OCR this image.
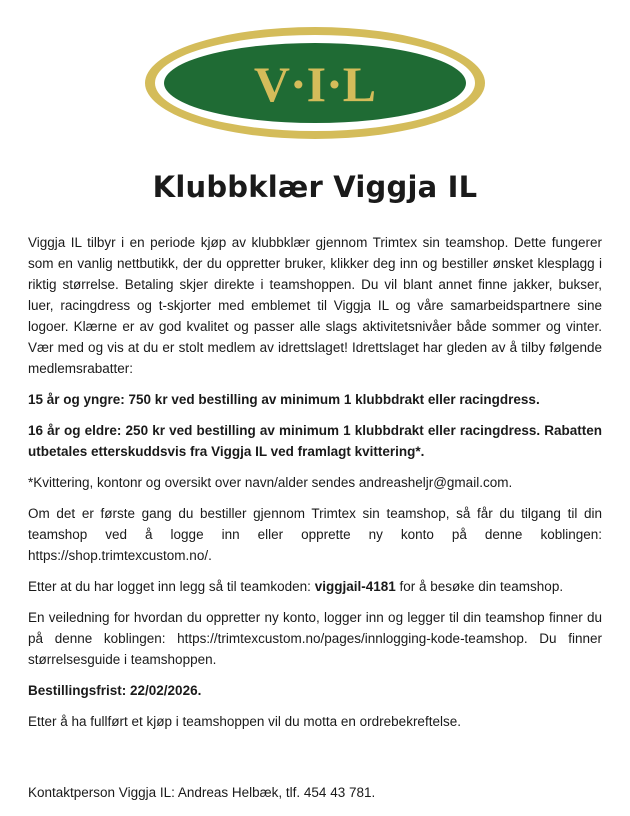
V·I·L
Klubbklær Viggja IL

Viggja IL tilbyr i en periode kjøp av klubbklær gjennom Trimtex sin teamshop. Dette fungerer som en vanlig nettbutikk, der du oppretter bruker, klikker deg inn og bestiller ønsket klesplagg i riktig størrelse. Betaling skjer direkte i teamshoppen. Du vil blant annet finne jakker, bukser, luer, racingdress og t-skjorter med emblemet til Viggja IL og våre samarbeidspartnere sine logoer. Klærne er av god kvalitet og passer alle slags aktivitetsnivåer både sommer og vinter. Vær med og vis at du er stolt medlem av idrettslaget! Idrettslaget har gleden av å tilby følgende medlemsrabatter:

15 år og yngre: 750 kr ved bestilling av minimum 1 klubbdrakt eller racingdress.

16 år og eldre: 250 kr ved bestilling av minimum 1 klubbdrakt eller racingdress. Rabatten utbetales etterskuddsvis fra Viggja IL ved framlagt kvittering*.

*Kvittering, kontonr og oversikt over navn/alder sendes andreasheljr@gmail.com.

Om det er første gang du bestiller gjennom Trimtex sin teamshop, så får du tilgang til din teamshop ved å logge inn eller opprette ny konto på denne koblingen: https://shop.trimtexcustom.no/.

Etter at du har logget inn legg så til teamkoden: viggjail-4181 for å besøke din teamshop.

En veiledning for hvordan du oppretter ny konto, logger inn og legger til din teamshop finner du på denne koblingen: https://trimtexcustom.no/pages/innlogging-kode-teamshop. Du finner størrelsesguide i teamshoppen.

Bestillingsfrist: 22/02/2026.

Etter å ha fullført et kjøp i teamshoppen vil du motta en ordrebekreftelse.

Kontaktperson Viggja IL: Andreas Helbæk, tlf. 454 43 781.
